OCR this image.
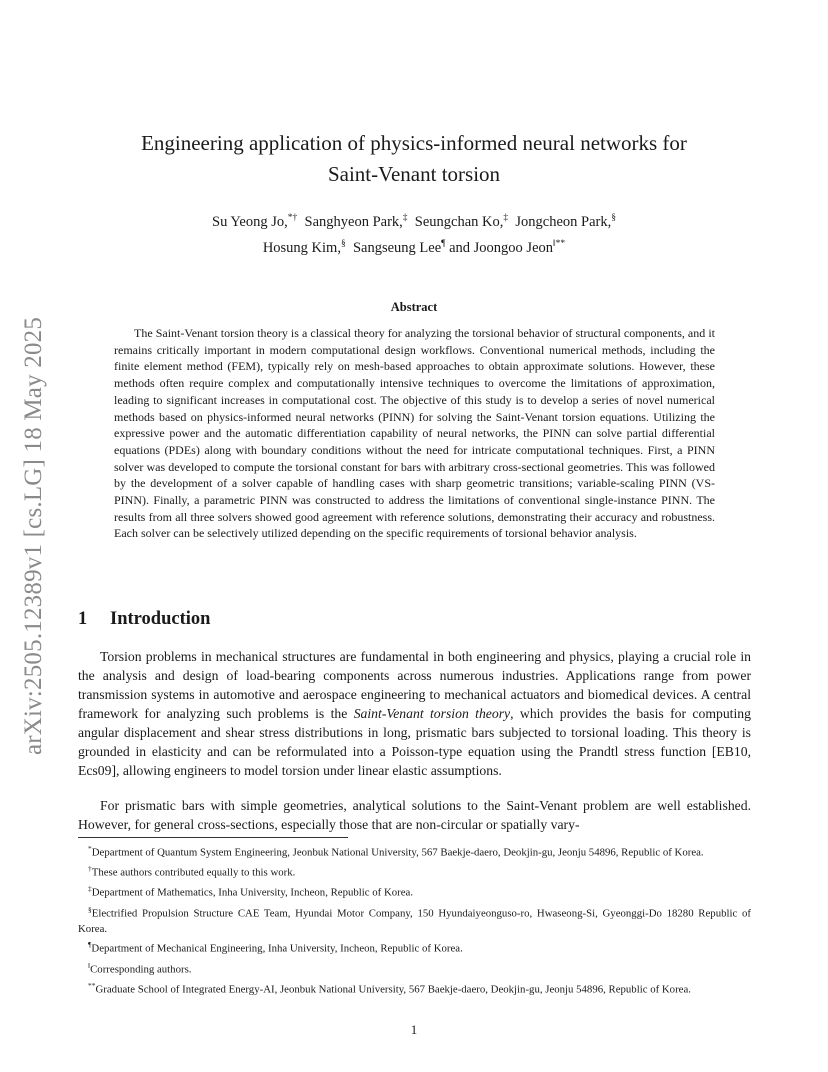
arXiv:2505.12389v1 [cs.LG] 18 May 2025
Engineering application of physics-informed neural networks for
Saint-Venant torsion
Su Yeong Jo,*† Sanghyeon Park,‡ Seungchan Ko,‡ Jongcheon Park,§
Hosung Kim,§ Sangseung Lee¶ and Joongoo Jeon‖**
Abstract

The Saint-Venant torsion theory is a classical theory for analyzing the torsional behavior of structural components, and it remains critically important in modern computational design workflows. Conventional numerical methods, including the finite element method (FEM), typically rely on mesh-based approaches to obtain approximate solutions. However, these methods often require complex and computationally intensive techniques to overcome the limitations of approximation, leading to significant increases in computational cost. The objective of this study is to develop a series of novel numerical methods based on physics-informed neural networks (PINN) for solving the Saint-Venant torsion equations. Utilizing the expressive power and the automatic differentiation capability of neural networks, the PINN can solve partial differential equations (PDEs) along with boundary conditions without the need for intricate computational techniques. First, a PINN solver was developed to compute the torsional constant for bars with arbitrary cross-sectional geometries. This was followed by the development of a solver capable of handling cases with sharp geometric transitions; variable-scaling PINN (VS-PINN). Finally, a parametric PINN was constructed to address the limitations of conventional single-instance PINN. The results from all three solvers showed good agreement with reference solutions, demonstrating their accuracy and robustness. Each solver can be selectively utilized depending on the specific requirements of torsional behavior analysis.

1 Introduction

Torsion problems in mechanical structures are fundamental in both engineering and physics, playing a crucial role in the analysis and design of load-bearing components across numerous industries. Applications range from power transmission systems in automotive and aerospace engineering to mechanical actuators and biomedical devices. A central framework for analyzing such problems is the Saint-Venant torsion theory, which provides the basis for computing angular displacement and shear stress distributions in long, prismatic bars subjected to torsional loading. This theory is grounded in elasticity and can be reformulated into a Poisson-type equation using the Prandtl stress function [EB10, Ecs09], allowing engineers to model torsion under linear elastic assumptions.

For prismatic bars with simple geometries, analytical solutions to the Saint-Venant problem are well established. However, for general cross-sections, especially those that are non-circular or spatially vary-

*Department of Quantum System Engineering, Jeonbuk National University, 567 Baekje-daero, Deokjin-gu, Jeonju 54896, Republic of Korea.
†These authors contributed equally to this work.
‡Department of Mathematics, Inha University, Incheon, Republic of Korea.
§Electrified Propulsion Structure CAE Team, Hyundai Motor Company, 150 Hyundaiyeonguso-ro, Hwaseong-Si, Gyeonggi-Do 18280 Republic of Korea.
¶Department of Mechanical Engineering, Inha University, Incheon, Republic of Korea.
‖Corresponding authors.
**Graduate School of Integrated Energy-AI, Jeonbuk National University, 567 Baekje-daero, Deokjin-gu, Jeonju 54896, Republic of Korea.
1
